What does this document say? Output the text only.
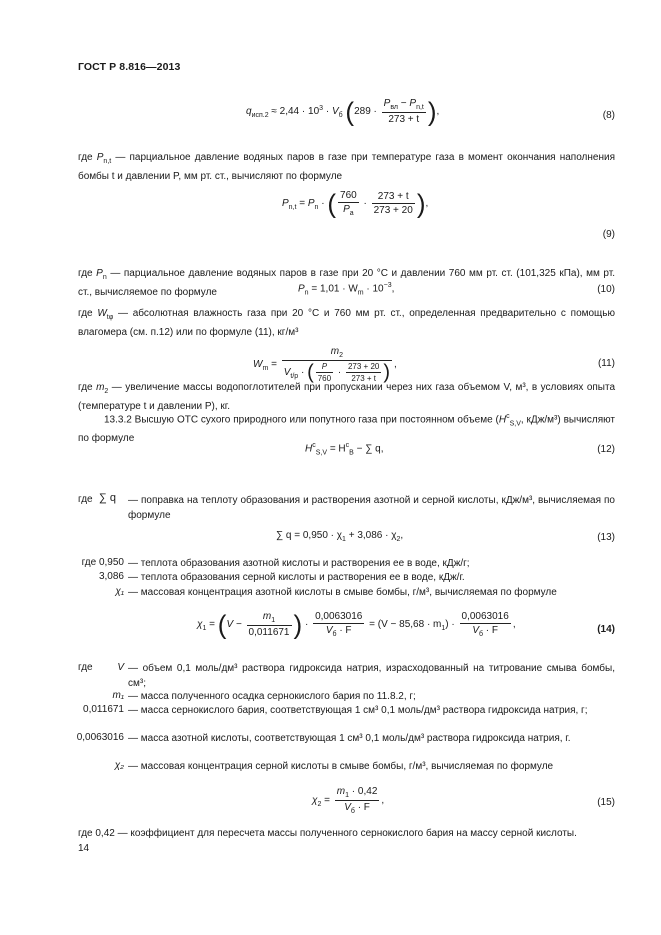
ГОСТ Р 8.816—2013
$q_{исп.2} \approx 2,44 \cdot 10^3 \cdot V_б$ ($289 \cdot \frac{P_{вл} - P_{n,t}}{273 + t}$ ),	(8)
где $P_{n,t}$ — парциальное давление водяных паров в газе при температуре газа в момент окончания наполнения бомбы t и давлении P, мм рт. ст., вычисляют по формуле
$P_{n,t} = P_n$ · ( $\frac{760}{P_a} \cdot \frac{273 + t}{273 + 20}$ ),
(9)
где $P_n$ — парциальное давление водяных паров в газе при 20 °C и давлении 760 мм рт. ст. (101,325 кПа), мм рт. ст., вычисляемое по формуле	$P_n = 1,01 \cdot W_m \cdot 10^{-3}$,	(10)
где $W_{t\varphi}$ — абсолютная влажность газа при 20 °C и 760 мм рт. ст., определенная предварительно с помощью влагомера (см. п.12) или по формуле (11), кг/м³
$W_m = \frac{m_2}{V_{t/p} \cdot ( \frac{P}{760} \cdot \frac{273 + 20}{273 + t} )}$ ,	(11)
где $m_2$ — увеличение массы водопоглотителей при пропускании через них газа объемом V, м³, в условиях опыта (температуре t и давлении P), кг.
13.3.2 Высшую ОТС сухого природного или попутного газа при постоянном объеме ($H^c_{S,V}$, кДж/м³) вычисляют по формуле
$H^c_{S,V} = H^c_B$ − ∑ q,	(12)
где ∑ q — поправка на теплоту образования и растворения азотной и серной кислоты, кДж/м³, вычисляемая по формуле
∑ $q = 0,950 \cdot \chi_1 + 3,086 \cdot \chi_2$,	(13)
где 0,950 — теплота образования азотной кислоты и растворения ее в воде, кДж/г;
3,086 — теплота образования серной кислоты и растворения ее в воде, кДж/г.
χ₁ — массовая концентрация азотной кислоты в смыве бомбы, г/м³, вычисляемая по формуле
$\chi_1 = (V - \frac{m_1}{0,011671}$ ) · $\frac{0,0063016}{V_б \cdot F} = (V - 85,68 \cdot m_1) \cdot \frac{0,0063016}{V_б \cdot F}$ ,	(14)
где	V — объем 0,1 моль/дм³ раствора гидроксида натрия, израсходованный на титрование смыва бомбы, см³;
m₁ — масса полученного осадка сернокислого бария по 11.8.2, г;
0,011671 — масса сернокислого бария, соответствующая 1 см³ 0,1 моль/дм³ раствора гидроксида натрия, г;
0,0063016 — масса азотной кислоты, соответствующая 1 см³ 0,1 моль/дм³ раствора гидроксида натрия, г.
χ₂ — массовая концентрация серной кислоты в смыве бомбы, г/м³, вычисляемая по формуле
$\chi_2 = \frac{m_1 \cdot 0,42}{V_б \cdot F}$ ,	(15)
где 0,42 — коэффициент для пересчета массы полученного сернокислого бария на массу серной кислоты.
14
